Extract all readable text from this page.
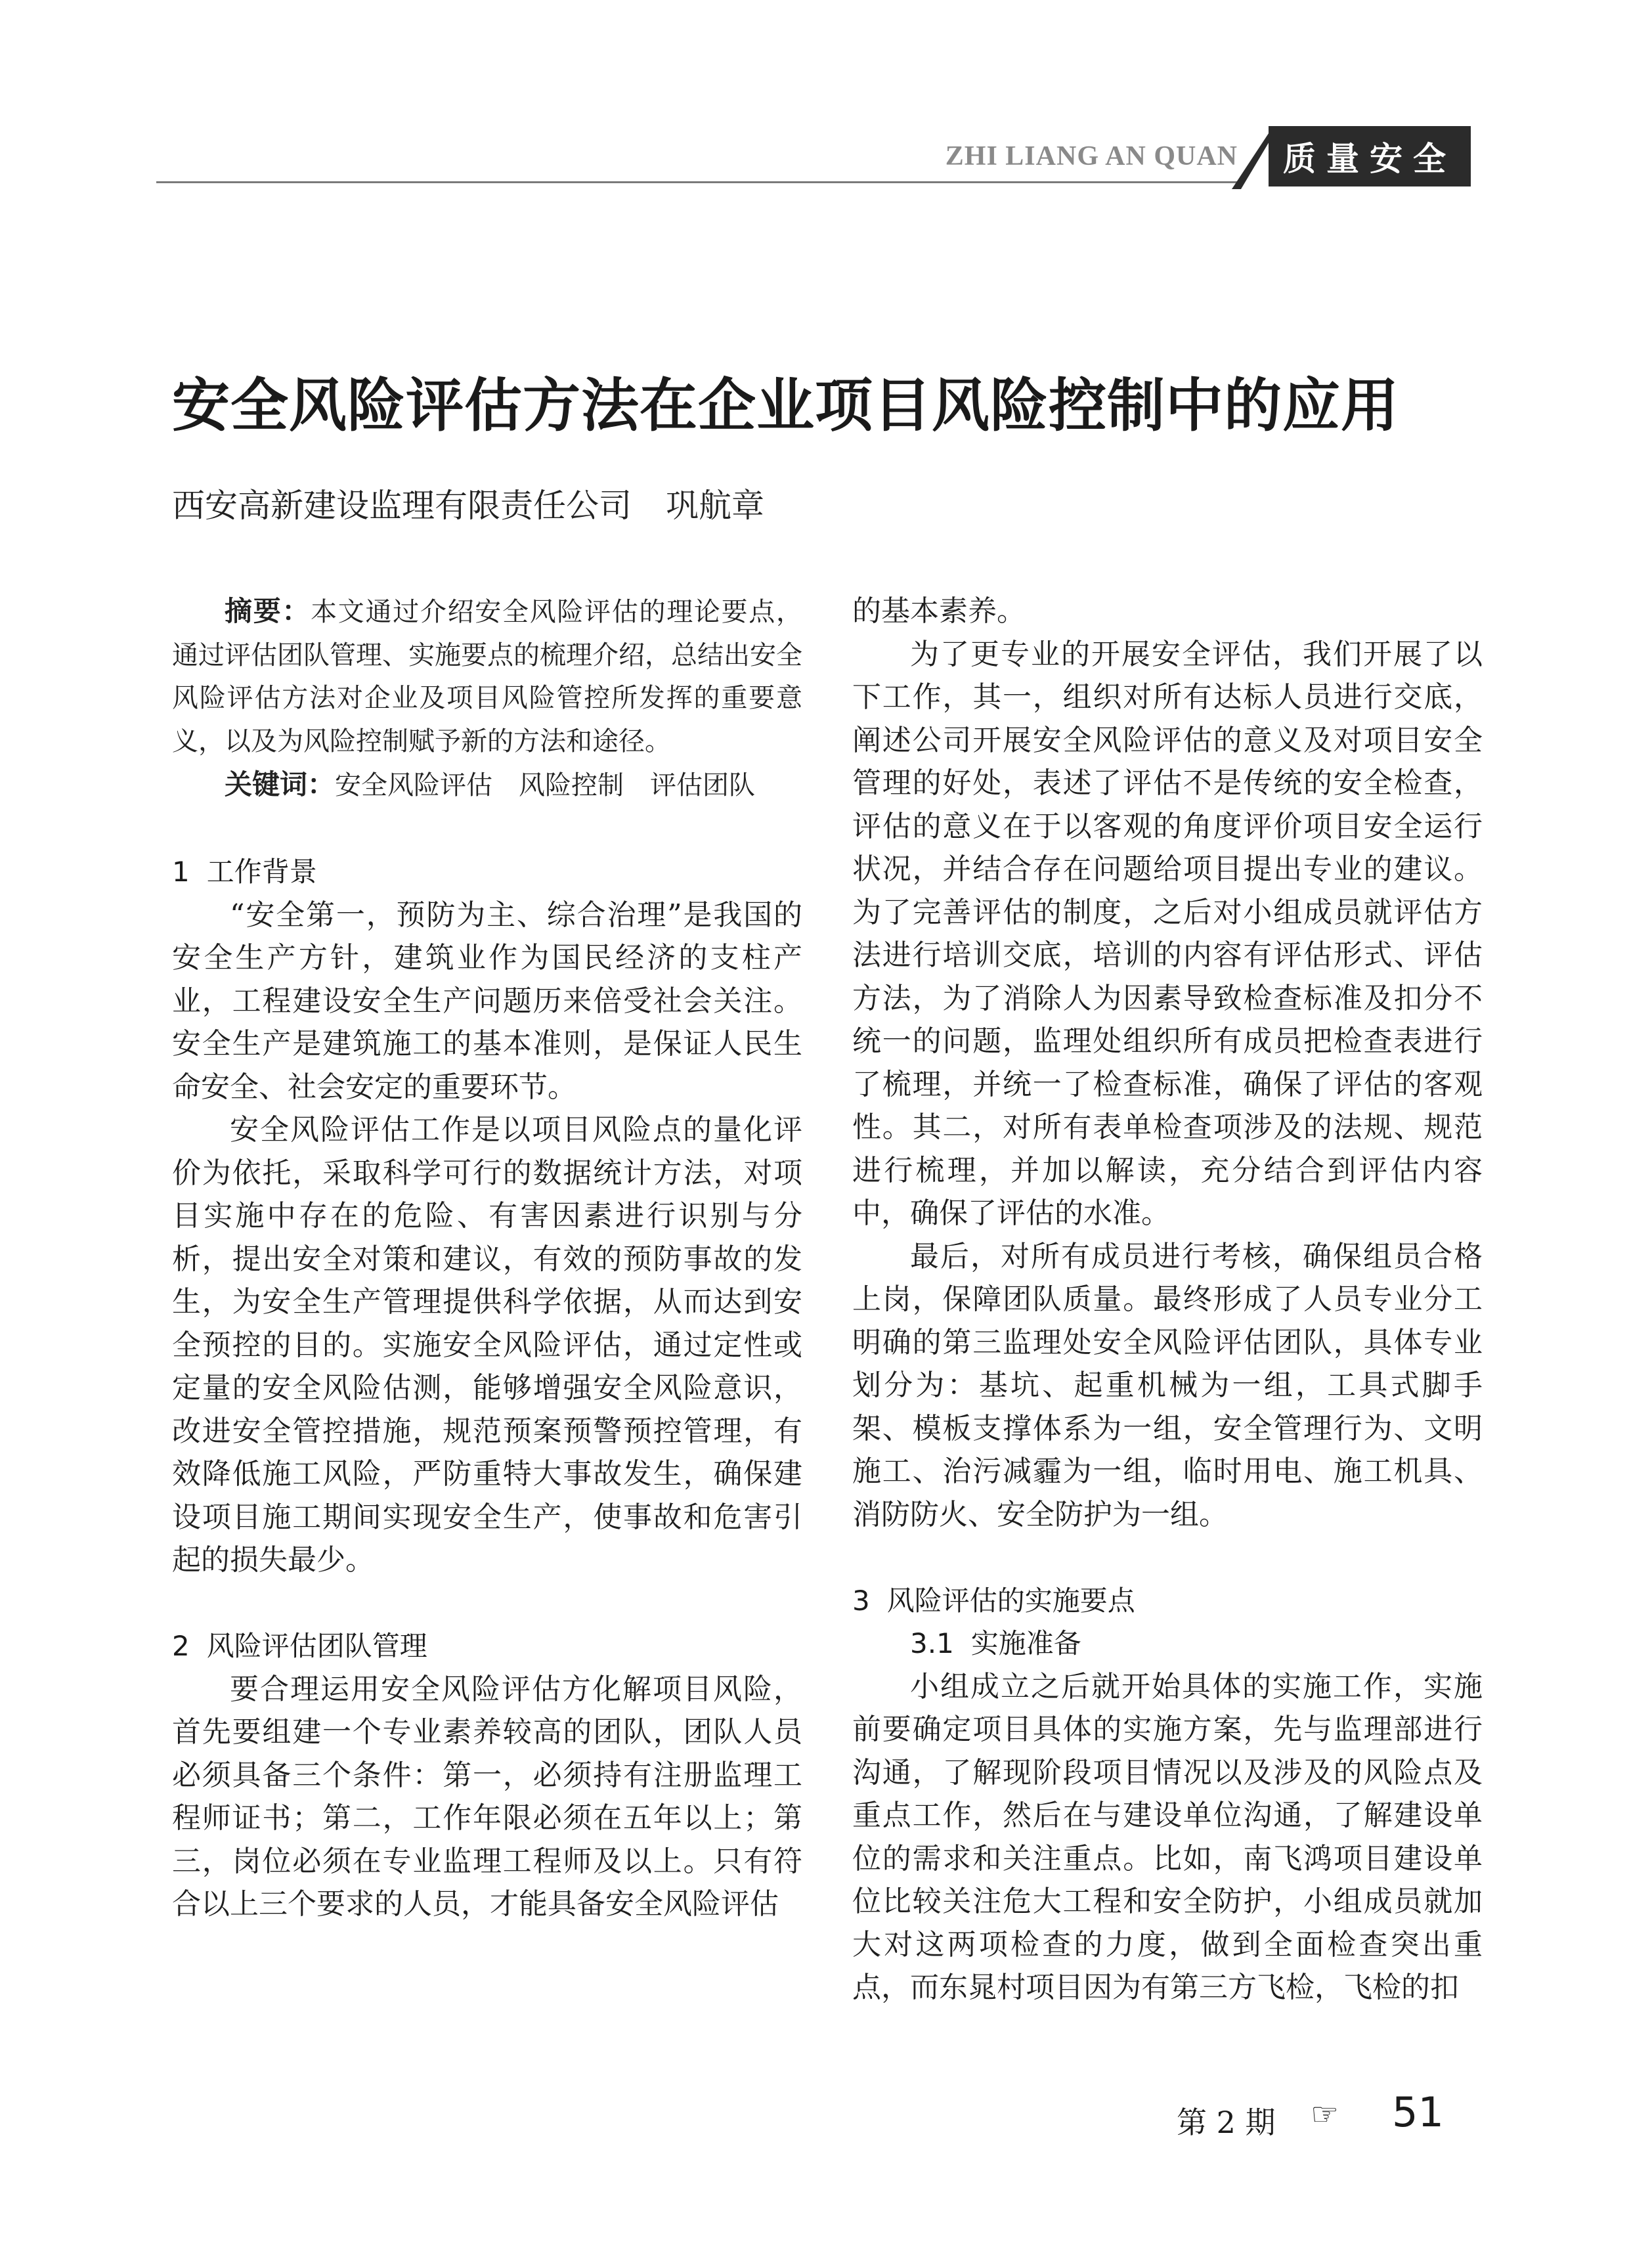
ZHI LIANG AN QUAN	质量安全
安全风险评估方法在企业项目风险控制中的应用
西安高新建设监理有限责任公司 巩航章

摘要：本文通过介绍安全风险评估的理论要点，通过评估团队管理、实施要点的梳理介绍，总结出安全风险评估方法对企业及项目风险管控所发挥的重要意义，以及为风险控制赋予新的方法和途径。

关键词：安全风险评估　风险控制　评估团队

1 工作背景

“安全第一，预防为主、综合治理”是我国的安全生产方针，建筑业作为国民经济的支柱产业，工程建设安全生产问题历来倍受社会关注。安全生产是建筑施工的基本准则，是保证人民生命安全、社会安定的重要环节。

安全风险评估工作是以项目风险点的量化评价为依托，采取科学可行的数据统计方法，对项目实施中存在的危险、有害因素进行识别与分析，提出安全对策和建议，有效的预防事故的发生，为安全生产管理提供科学依据，从而达到安全预控的目的。实施安全风险评估，通过定性或定量的安全风险估测，能够增强安全风险意识，改进安全管控措施，规范预案预警预控管理，有效降低施工风险，严防重特大事故发生，确保建设项目施工期间实现安全生产，使事故和危害引起的损失最少。

2 风险评估团队管理

要合理运用安全风险评估方化解项目风险，首先要组建一个专业素养较高的团队，团队人员必须具备三个条件：第一，必须持有注册监理工程师证书；第二，工作年限必须在五年以上；第三，岗位必须在专业监理工程师及以上。只有符合以上三个要求的人员，才能具备安全风险评估

的基本素养。

为了更专业的开展安全评估，我们开展了以下工作，其一，组织对所有达标人员进行交底，阐述公司开展安全风险评估的意义及对项目安全管理的好处，表述了评估不是传统的安全检查，评估的意义在于以客观的角度评价项目安全运行状况，并结合存在问题给项目提出专业的建议。为了完善评估的制度，之后对小组成员就评估方法进行培训交底，培训的内容有评估形式、评估方法，为了消除人为因素导致检查标准及扣分不统一的问题，监理处组织所有成员把检查表进行了梳理，并统一了检查标准，确保了评估的客观性。其二，对所有表单检查项涉及的法规、规范进行梳理，并加以解读，充分结合到评估内容中，确保了评估的水准。

最后，对所有成员进行考核，确保组员合格上岗，保障团队质量。最终形成了人员专业分工明确的第三监理处安全风险评估团队，具体专业划分为：基坑、起重机械为一组，工具式脚手架、模板支撑体系为一组，安全管理行为、文明施工、治污减霾为一组，临时用电、施工机具、消防防火、安全防护为一组。

3 风险评估的实施要点

3.1 实施准备

小组成立之后就开始具体的实施工作，实施前要确定项目具体的实施方案，先与监理部进行沟通，了解现阶段项目情况以及涉及的风险点及重点工作，然后在与建设单位沟通，了解建设单位的需求和关注重点。比如，南飞鸿项目建设单位比较关注危大工程和安全防护，小组成员就加大对这两项检查的力度，做到全面检查突出重点，而东晁村项目因为有第三方飞检，飞检的扣

第 2 期 ☞ 51
